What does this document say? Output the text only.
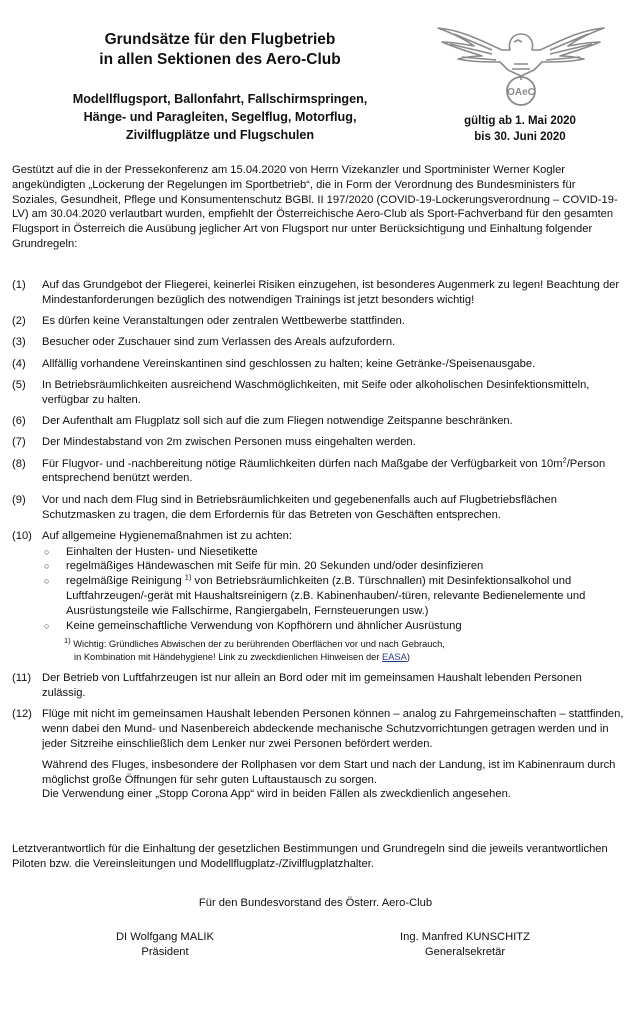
Grundsätze für den Flugbetrieb
in allen Sektionen des Aero-Club
Modellflugsport, Ballonfahrt, Fallschirmspringen,
Hänge- und Paragleiten, Segelflug, Motorflug,
Zivilflugplätze und Flugschulen
OAeC
gültig ab 1. Mai 2020
bis 30. Juni 2020
Gestützt auf die in der Pressekonferenz am 15.04.2020 von Herrn Vizekanzler und Sportminister Werner Kogler angekündigten „Lockerung der Regelungen im Sportbetrieb“, die in Form der Verordnung des Bundesministers für Soziales, Gesundheit, Pflege und Konsumentenschutz BGBl. II 197/2020 (COVID-19-Lockerungsverordnung – COVID-19-LV) am 30.04.2020 verlautbart wurden, empfiehlt der Österreichische Aero-Club als Sport-Fachverband für den gesamten Flugsport in Österreich die Ausübung jeglicher Art von Flugsport nur unter Berücksichtigung und Einhaltung folgender Grundregeln:
(1)	Auf das Grundgebot der Fliegerei, keinerlei Risiken einzugehen, ist besonderes Augenmerk zu legen! Beachtung der Mindestanforderungen bezüglich des notwendigen Trainings ist jetzt besonders wichtig!
(2)	Es dürfen keine Veranstaltungen oder zentralen Wettbewerbe stattfinden.
(3)	Besucher oder Zuschauer sind zum Verlassen des Areals aufzufordern.
(4)	Allfällig vorhandene Vereinskantinen sind geschlossen zu halten; keine Getränke-/Speisenausgabe.
(5)	In Betriebsräumlichkeiten ausreichend Waschmöglichkeiten, mit Seife oder alkoholischen Desinfektionsmitteln, verfügbar zu halten.
(6)	Der Aufenthalt am Flugplatz soll sich auf die zum Fliegen notwendige Zeitspanne beschränken.
(7)	Der Mindestabstand von 2m zwischen Personen muss eingehalten werden.
(8)	Für Flugvor- und -nachbereitung nötige Räumlichkeiten dürfen nach Maßgabe der Verfügbarkeit von $10m^2$/Person entsprechend benützt werden.
(9)	Vor und nach dem Flug sind in Betriebsräumlichkeiten und gegebenenfalls auch auf Flugbetriebsflächen Schutzmasken zu tragen, die dem Erfordernis für das Betreten von Geschäften entsprechen.
(10) Auf allgemeine Hygienemaßnahmen ist zu achten:
○	Einhalten der Husten- und Niesetikette
○	regelmäßiges Händewaschen mit Seife für min. 20 Sekunden und/oder desinfizieren
○	regelmäßige Reinigung $^{1)}$ von Betriebsräumlichkeiten (z.B. Türschnallen) mit Desinfektionsalkohol und Luftfahrzeugen/-gerät mit Haushaltsreinigern (z.B. Kabinenhauben/-türen, relevante Bedienelemente und Ausrüstungsteile wie Fallschirme, Rangiergabeln, Fernsteuerungen usw.)
○	Keine gemeinschaftliche Verwendung von Kopfhörern und ähnlicher Ausrüstung
$^{1)}$ Wichtig: Gründliches Abwischen der zu berührenden Oberflächen vor und nach Gebrauch,
in Kombination mit Händehygiene! Link zu zweckdienlichen Hinweisen der EASA)
(11) Der Betrieb von Luftfahrzeugen ist nur allein an Bord oder mit im gemeinsamen Haushalt lebenden Personen zulässig.
(12) Flüge mit nicht im gemeinsamen Haushalt lebenden Personen können – analog zu Fahrgemeinschaften – stattfinden, wenn dabei den Mund- und Nasenbereich abdeckende mechanische Schutzvorrichtungen getragen werden und in jeder Sitzreihe einschließlich dem Lenker nur zwei Personen befördert werden.
Während des Fluges, insbesondere der Rollphasen vor dem Start und nach der Landung, ist im Kabinenraum durch möglichst große Öffnungen für sehr guten Luftaustausch zu sorgen.
Die Verwendung einer „Stopp Corona App“ wird in beiden Fällen als zweckdienlich angesehen.
Letztverantwortlich für die Einhaltung der gesetzlichen Bestimmungen und Grundregeln sind die jeweils verantwortlichen Piloten bzw. die Vereinsleitungen und Modellflugplatz-/Zivilflugplatzhalter.
Für den Bundesvorstand des Österr. Aero-Club
DI Wolfgang MALIK
Präsident
Ing. Manfred KUNSCHITZ
Generalsekretär
